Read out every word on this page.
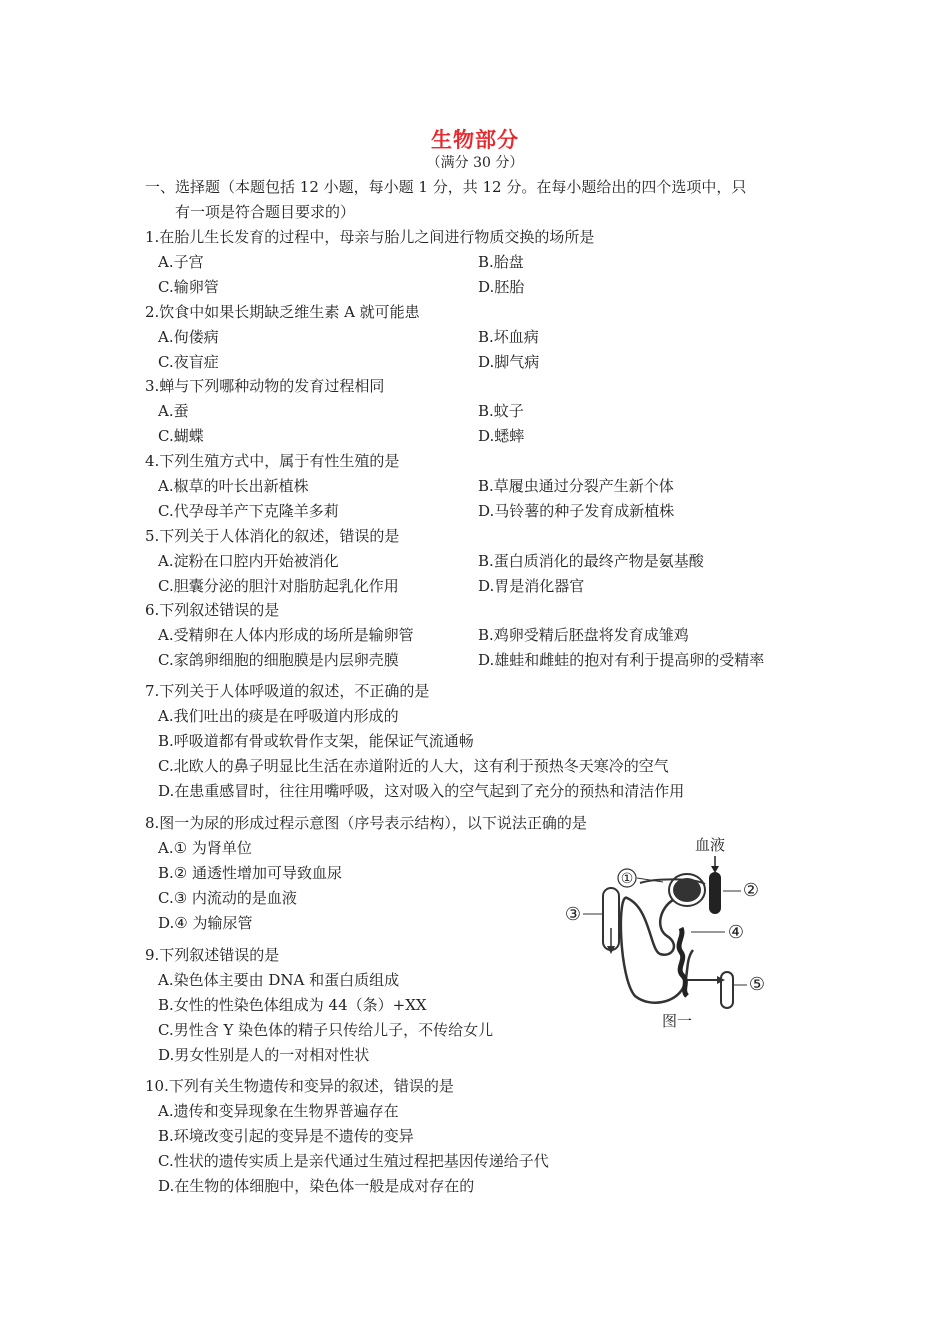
生物部分
（满分 30 分）
一、选择题（本题包括 12 小题，每小题 1 分，共 12 分。在每小题给出的四个选项中，只
有一项是符合题目要求的）
1.在胎儿生长发育的过程中，母亲与胎儿之间进行物质交换的场所是
A.子宫	B.胎盘
C.输卵管	D.胚胎
2.饮食中如果长期缺乏维生素 A 就可能患
A.佝偻病	B.坏血病
C.夜盲症	D.脚气病
3.蝉与下列哪种动物的发育过程相同
A.蚕	B.蚊子
C.蝴蝶	D.蟋蟀
4.下列生殖方式中，属于有性生殖的是
A.椒草的叶长出新植株	B.草履虫通过分裂产生新个体
C.代孕母羊产下克隆羊多莉	D.马铃薯的种子发育成新植株
5.下列关于人体消化的叙述，错误的是
A.淀粉在口腔内开始被消化	B.蛋白质消化的最终产物是氨基酸
C.胆囊分泌的胆汁对脂肪起乳化作用	D.胃是消化器官
6.下列叙述错误的是
A.受精卵在人体内形成的场所是输卵管	B.鸡卵受精后胚盘将发育成雏鸡
C.家鸽卵细胞的细胞膜是内层卵壳膜	D.雄蛙和雌蛙的抱对有利于提高卵的受精率
7.下列关于人体呼吸道的叙述，不正确的是
A.我们吐出的痰是在呼吸道内形成的
B.呼吸道都有骨或软骨作支架，能保证气流通畅
C.北欧人的鼻子明显比生活在赤道附近的人大，这有利于预热冬天寒冷的空气
D.在患重感冒时，往往用嘴呼吸，这对吸入的空气起到了充分的预热和清洁作用
8.图一为尿的形成过程示意图（序号表示结构），以下说法正确的是
A.① 为肾单位
B.② 通透性增加可导致血尿
C.③ 内流动的是血液
D.④ 为输尿管
血液
①
②
③
④
⑤
图一
9.下列叙述错误的是
A.染色体主要由 DNA 和蛋白质组成
B.女性的性染色体组成为 44（条）+XX
C.男性含 Y 染色体的精子只传给儿子，不传给女儿
D.男女性别是人的一对相对性状
10.下列有关生物遗传和变异的叙述，错误的是
A.遗传和变异现象在生物界普遍存在
B.环境改变引起的变异是不遗传的变异
C.性状的遗传实质上是亲代通过生殖过程把基因传递给子代
D.在生物的体细胞中，染色体一般是成对存在的
